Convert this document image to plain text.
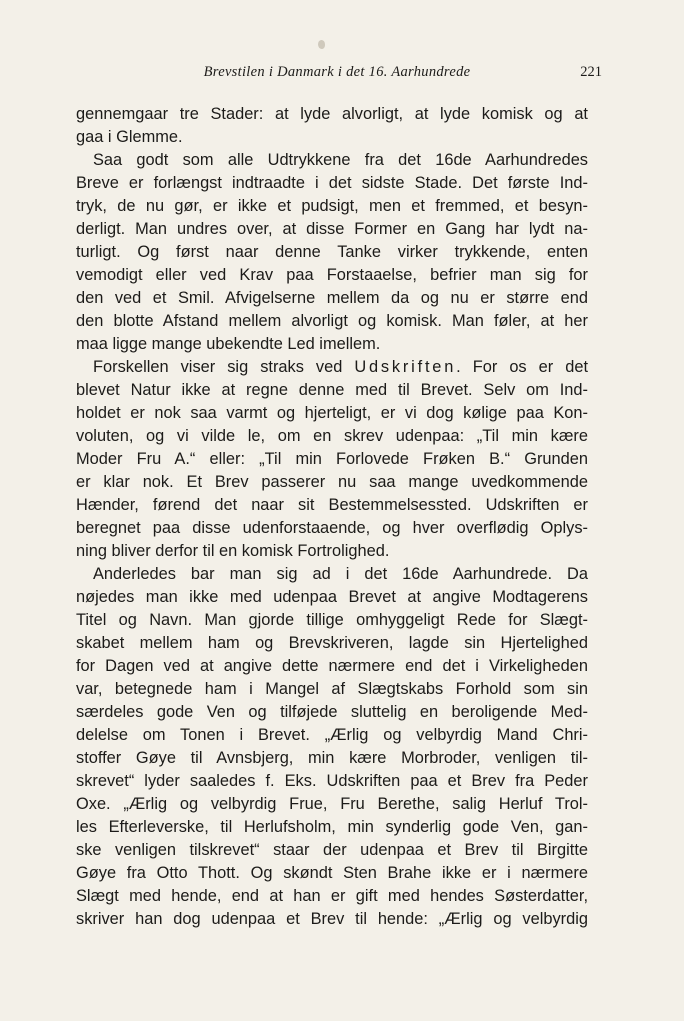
Brevstilen i Danmark i det 16. Aarhundrede	221
gennemgaar tre Stader: at lyde alvorligt, at lyde komisk og at
gaa i Glemme.
Saa godt som alle Udtrykkene fra det 16de Aarhundredes
Breve er forlængst indtraadte i det sidste Stade. Det første Ind-
tryk, de nu gør, er ikke et pudsigt, men et fremmed, et besyn-
derligt. Man undres over, at disse Former en Gang har lydt na-
turligt. Og først naar denne Tanke virker trykkende, enten
vemodigt eller ved Krav paa Forstaaelse, befrier man sig for
den ved et Smil. Afvigelserne mellem da og nu er større end
den blotte Afstand mellem alvorligt og komisk. Man føler, at her
maa ligge mange ubekendte Led imellem.
Forskellen viser sig straks ved Udskriften. For os er det
blevet Natur ikke at regne denne med til Brevet. Selv om Ind-
holdet er nok saa varmt og hjerteligt, er vi dog kølige paa Kon-
voluten, og vi vilde le, om en skrev udenpaa: „Til min kære
Moder Fru A.“ eller: „Til min Forlovede Frøken B.“ Grunden
er klar nok. Et Brev passerer nu saa mange uvedkommende
Hænder, førend det naar sit Bestemmelsessted. Udskriften er
beregnet paa disse udenforstaaende, og hver overflødig Oplys-
ning bliver derfor til en komisk Fortrolighed.
Anderledes bar man sig ad i det 16de Aarhundrede. Da
nøjedes man ikke med udenpaa Brevet at angive Modtagerens
Titel og Navn. Man gjorde tillige omhyggeligt Rede for Slægt-
skabet mellem ham og Brevskriveren, lagde sin Hjertelighed
for Dagen ved at angive dette nærmere end det i Virkeligheden
var, betegnede ham i Mangel af Slægtskabs Forhold som sin
særdeles gode Ven og tilføjede sluttelig en beroligende Med-
delelse om Tonen i Brevet. „Ærlig og velbyrdig Mand Chri-
stoffer Gøye til Avnsbjerg, min kære Morbroder, venligen til-
skrevet“ lyder saaledes f. Eks. Udskriften paa et Brev fra Peder
Oxe. „Ærlig og velbyrdig Frue, Fru Berethe, salig Herluf Trol-
les Efterleverske, til Herlufsholm, min synderlig gode Ven, gan-
ske venligen tilskrevet“ staar der udenpaa et Brev til Birgitte
Gøye fra Otto Thott. Og skøndt Sten Brahe ikke er i nærmere
Slægt med hende, end at han er gift med hendes Søsterdatter,
skriver han dog udenpaa et Brev til hende: „Ærlig og velbyrdig
